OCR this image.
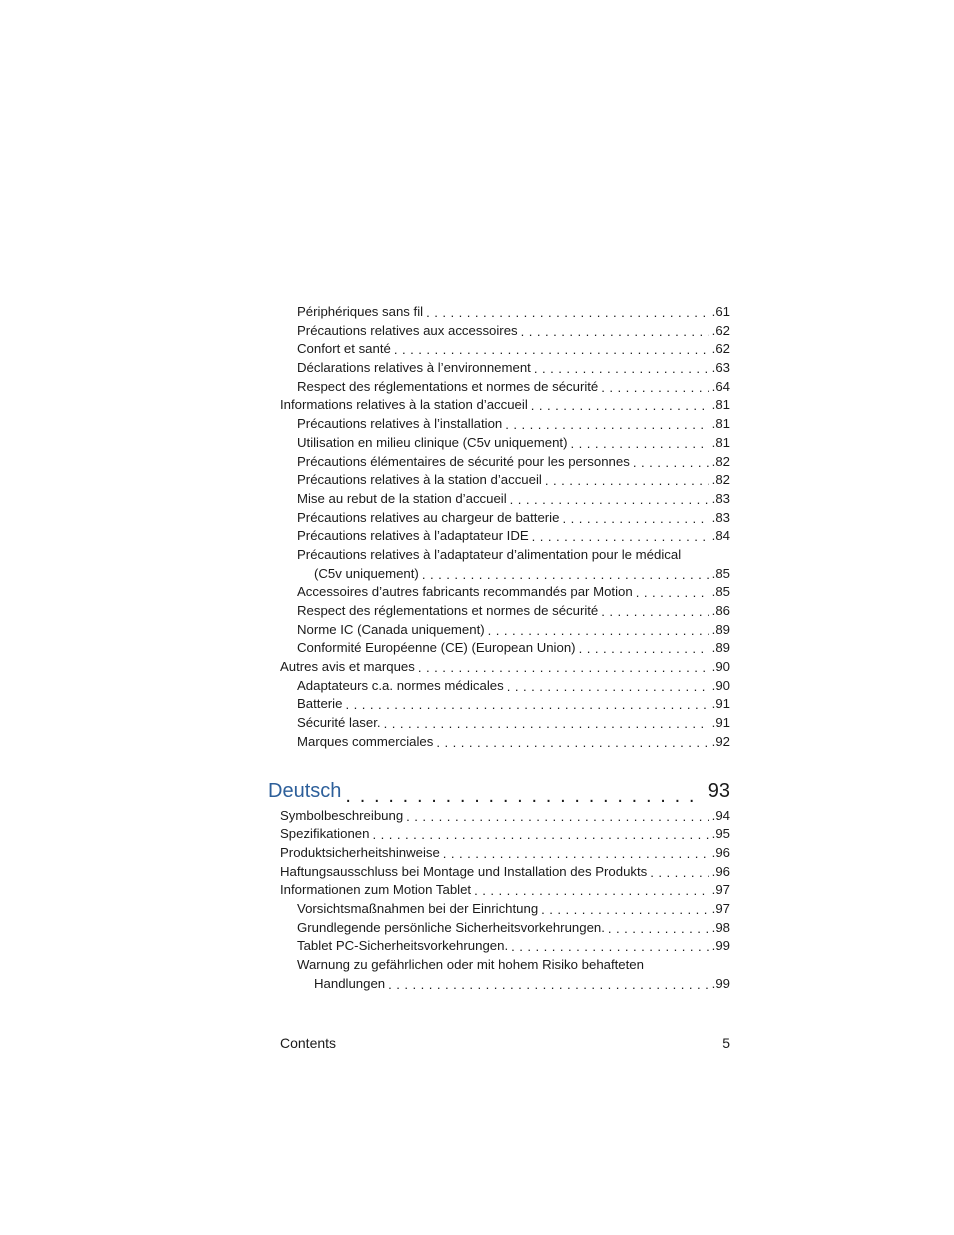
Périphériques sans fil . . .	.61
Précautions relatives aux accessoires . . .	.62
Confort et santé . . .	.62
Déclarations relatives à l’environnement . . .	.63
Respect des réglementations et normes de sécurité . . .	.64
Informations relatives à la station d’accueil . . .	.81
Précautions relatives à l’installation . . .	.81
Utilisation en milieu clinique (C5v uniquement) . . .	.81
Précautions élémentaires de sécurité pour les personnes . . .	.82
Précautions relatives à la station d’accueil . . .	.82
Mise au rebut de la station d’accueil . . .	.83
Précautions relatives au chargeur de batterie . . .	.83
Précautions relatives à l’adaptateur IDE . . .	.84
Précautions relatives à l’adaptateur d’alimentation pour le médical
(C5v uniquement) . . .	.85
Accessoires d’autres fabricants recommandés par Motion . . .	.85
Respect des réglementations et normes de sécurité . . .	.86
Norme IC (Canada uniquement) . . .	.89
Conformité Européenne (CE) (European Union) . . .	.89
Autres avis et marques . . .	.90
Adaptateurs c.a. normes médicales . . .	.90
Batterie . . .	.91
Sécurité laser. . . .	.91
Marques commerciales . . .	.92
Deutsch . . .	93
Symbolbeschreibung . . .	.94
Spezifikationen . . .	.95
Produktsicherheitshinweise . . .	.96
Haftungsausschluss bei Montage und Installation des Produkts . . .	.96
Informationen zum Motion Tablet . . .	.97
Vorsichtsmaßnahmen bei der Einrichtung . . .	.97
Grundlegende persönliche Sicherheitsvorkehrungen. . . .	.98
Tablet PC-Sicherheitsvorkehrungen. . . .	.99
Warnung zu gefährlichen oder mit hohem Risiko behafteten
Handlungen . . .	.99
Contents	5
